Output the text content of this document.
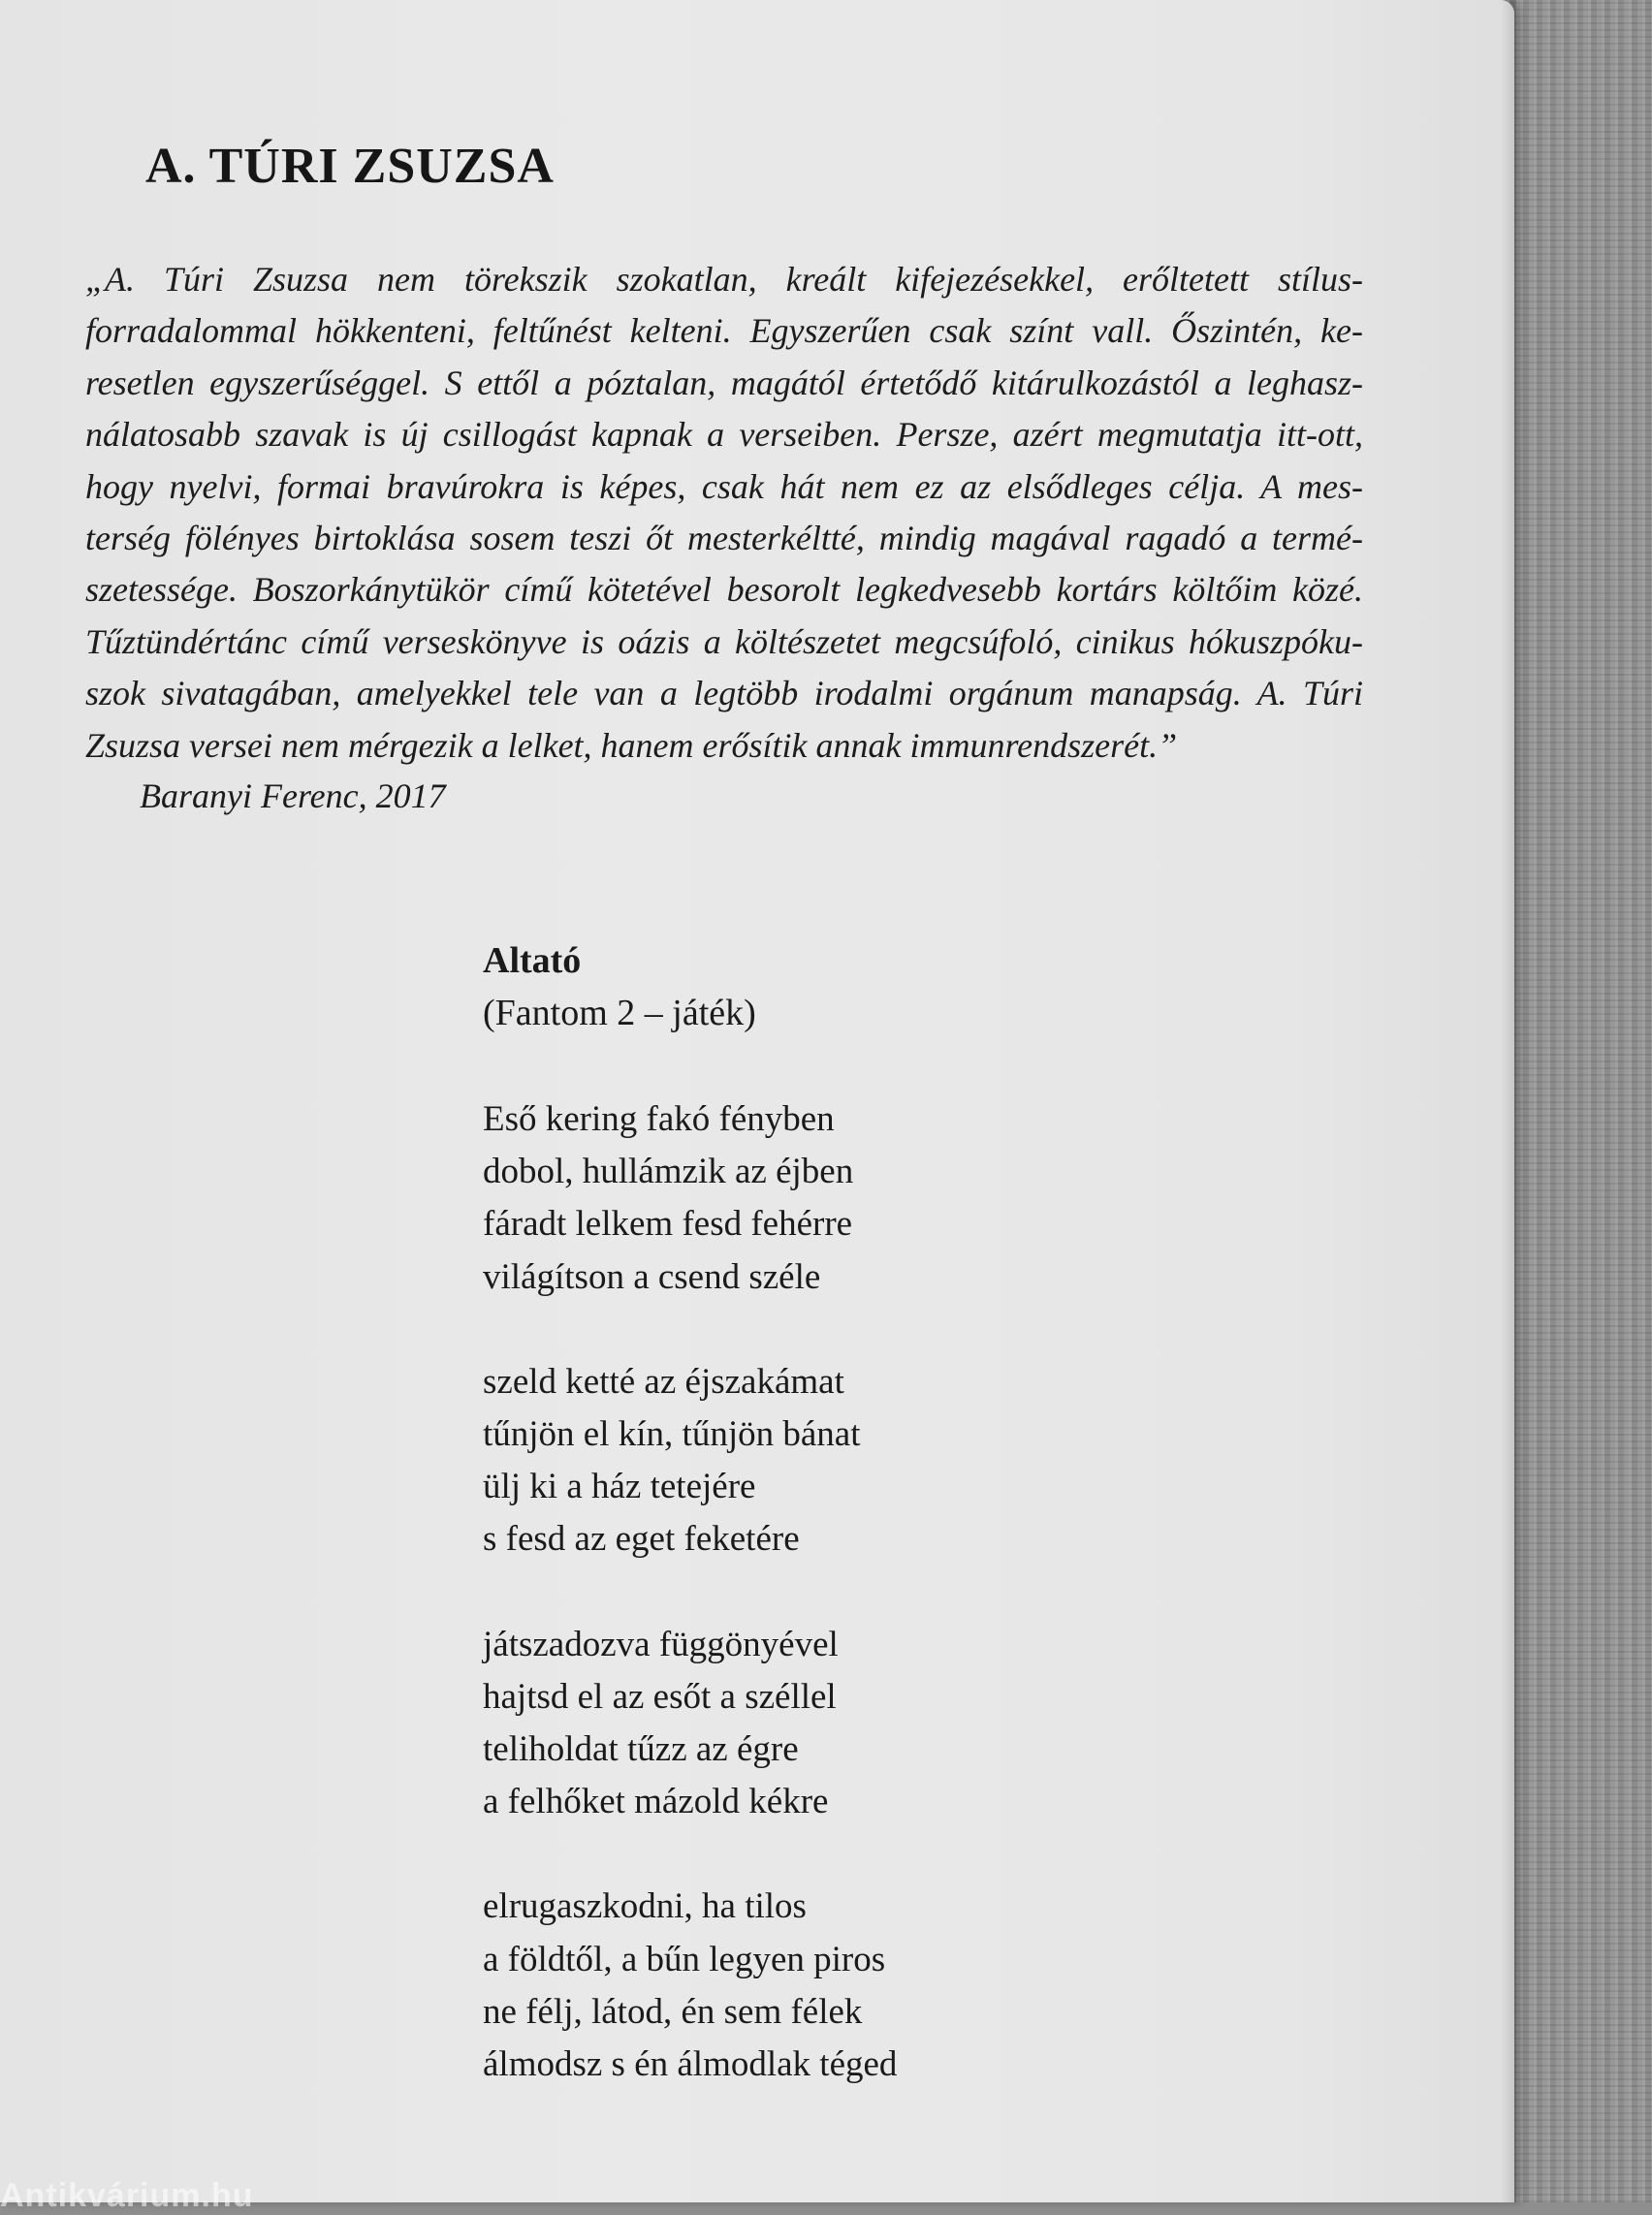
A. TÚRI ZSUZSA
„A. Túri Zsuzsa nem törekszik szokatlan, kreált kifejezésekkel, erőltetett stílus-
forradalommal hökkenteni, feltűnést kelteni. Egyszerűen csak színt vall. Őszintén, ke-
resetlen egyszerűséggel. S ettől a póztalan, magától értetődő kitárulkozástól a leghasz-
nálatosabb szavak is új csillogást kapnak a verseiben. Persze, azért megmutatja itt-ott,
hogy nyelvi, formai bravúrokra is képes, csak hát nem ez az elsődleges célja. A mes-
terség fölényes birtoklása sosem teszi őt mesterkéltté, mindig magával ragadó a termé-
szetessége. Boszorkánytükör című kötetével besorolt legkedvesebb kortárs költőim közé.
Tűztündértánc című verseskönyve is oázis a költészetet megcsúfoló, cinikus hókuszpóku-
szok sivatagában, amelyekkel tele van a legtöbb irodalmi orgánum manapság. A. Túri
Zsuzsa versei nem mérgezik a lelket, hanem erősítik annak immunrendszerét.”

Baranyi Ferenc, 2017

Altató

(Fantom 2 – játék)

Eső kering fakó fényben
dobol, hullámzik az éjben
fáradt lelkem fesd fehérre
világítson a csend széle
szeld ketté az éjszakámat
tűnjön el kín, tűnjön bánat
ülj ki a ház tetejére
s fesd az eget feketére
játszadozva függönyével
hajtsd el az esőt a széllel
teliholdat tűzz az égre
a felhőket mázold kékre
elrugaszkodni, ha tilos
a földtől, a bűn legyen piros
ne félj, látod, én sem félek
álmodsz s én álmodlak téged
Antikvárium.hu
